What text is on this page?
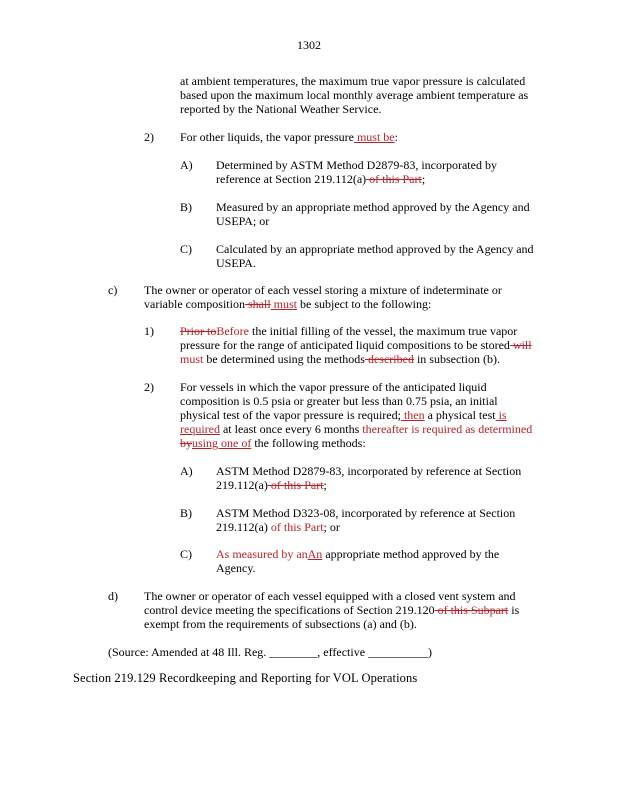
1302
at ambient temperatures, the maximum true vapor pressure is calculated
based upon the maximum local monthly average ambient temperature as
reported by the National Weather Service.
2) For other liquids, the vapor pressure must be:
A) Determined by ASTM Method D2879-83, incorporated by
reference at Section 219.112(a) of this Part;
B) Measured by an appropriate method approved by the Agency and
USEPA; or
C) Calculated by an appropriate method approved by the Agency and
USEPA.
c) The owner or operator of each vessel storing a mixture of indeterminate or
variable composition shall must be subject to the following:
1) Prior toBefore the initial filling of the vessel, the maximum true vapor
pressure for the range of anticipated liquid compositions to be stored will
must be determined using the methods described in subsection (b).
2) For vessels in which the vapor pressure of the anticipated liquid
composition is 0.5 psia or greater but less than 0.75 psia, an initial
physical test of the vapor pressure is required; then a physical test is
required at least once every 6 months thereafter is required as determined
byusing one of the following methods:
A) ASTM Method D2879-83, incorporated by reference at Section
219.112(a) of this Part;
B) ASTM Method D323-08, incorporated by reference at Section
219.112(a) of this Part; or
C) As measured by anAn appropriate method approved by the
Agency.
d) The owner or operator of each vessel equipped with a closed vent system and
control device meeting the specifications of Section 219.120 of this Subpart is
exempt from the requirements of subsections (a) and (b).
(Source: Amended at 48 Ill. Reg. ________, effective __________)
Section 219.129 Recordkeeping and Reporting for VOL Operations
